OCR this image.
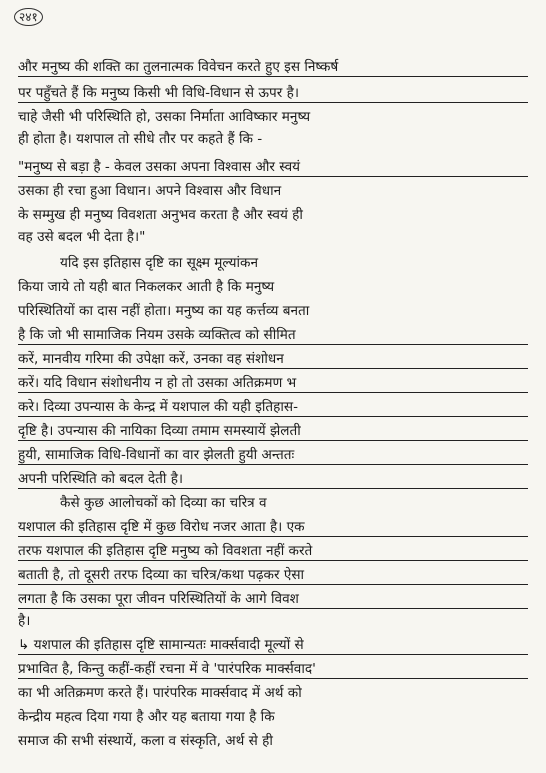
२४१
और मनुष्य की शक्ति का तुलनात्मक विवेचन करते हुए इस निष्कर्ष
पर पहुँचते हैं कि मनुष्य किसी भी विधि-विधान से ऊपर है।
चाहे जैसी भी परिस्थिति हो, उसका निर्माता आविष्कार मनुष्य
ही होता है। यशपाल तो सीधे तौर पर कहते हैं कि -
"मनुष्य से बड़ा है - केवल उसका अपना विश्वास और स्वयं
उसका ही रचा हुआ विधान। अपने विश्वास और विधान
के सम्मुख ही मनुष्य विवशता अनुभव करता है और स्वयं ही
वह उसे बदल भी देता है।"
यदि इस इतिहास दृष्टि का सूक्ष्म मूल्यांकन
किया जाये तो यही बात निकलकर आती है कि मनुष्य
परिस्थितियों का दास नहीं होता। मनुष्य का यह कर्त्तव्य बनता
है कि जो भी सामाजिक नियम उसके व्यक्तित्व को सीमित
करें, मानवीय गरिमा की उपेक्षा करें, उनका वह संशोधन
करें। यदि विधान संशोधनीय न हो तो उसका अतिक्रमण भ
करे। दिव्या उपन्यास के केन्द्र में यशपाल की यही इतिहास-
दृष्टि है। उपन्यास की नायिका दिव्या तमाम समस्यायें झेलती
हुयी, सामाजिक विधि-विधानों का वार झेलती हुयी अन्ततः
अपनी परिस्थिति को बदल देती है।
कैसे कुछ आलोचकों को दिव्या का चरित्र व
यशपाल की इतिहास दृष्टि में कुछ विरोध नजर आता है। एक
तरफ यशपाल की इतिहास दृष्टि मनुष्य को विवशता नहीं करते
बताती है, तो दूसरी तरफ दिव्या का चरित्र/कथा पढ़कर ऐसा
लगता है कि उसका पूरा जीवन परिस्थितियों के आगे विवश
है।
↳ यशपाल की इतिहास दृष्टि सामान्यतः मार्क्सवादी मूल्यों से
प्रभावित है, किन्तु कहीं-कहीं रचना में वे 'पारंपरिक मार्क्सवाद'
का भी अतिक्रमण करते हैं। पारंपरिक मार्क्सवाद में अर्थ को
केन्द्रीय महत्व दिया गया है और यह बताया गया है कि
समाज की सभी संस्थायें, कला व संस्कृति, अर्थ से ही
